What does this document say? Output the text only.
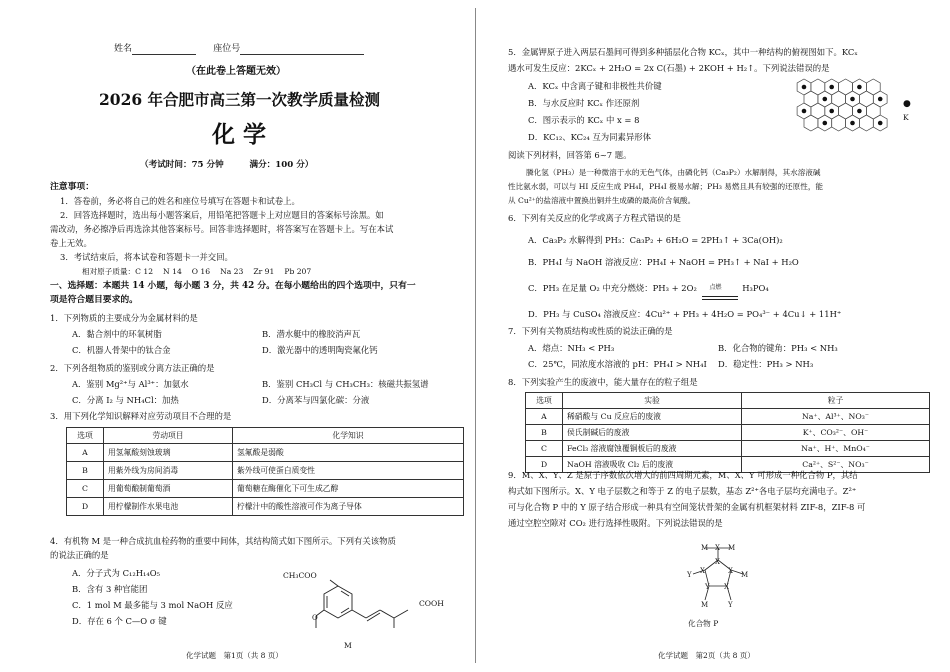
姓名	座位号
（在此卷上答题无效）
2026 年合肥市高三第一次教学质量检测
化 学
（考试时间：75 分钟　　　满分：100 分）
注意事项：
1．答卷前，务必将自己的姓名和座位号填写在答题卡和试卷上。
2．回答选择题时，选出每小题答案后，用铅笔把答题卡上对应题目的答案标号涂黑。如
需改动，务必擦净后再选涂其他答案标号。回答非选择题时，将答案写在答题卡上。写在本试
卷上无效。
3．考试结束后，将本试卷和答题卡一并交回。
相对原子质量：C 12　 N 14　 O 16　 Na 23　 Zr 91　 Pb 207
一、选择题：本题共 14 小题，每小题 3 分，共 42 分。在每小题给出的四个选项中，只有一
项是符合题目要求的。
1．下列物质的主要成分为金属材料的是
A．黏合剂中的环氧树脂	B．潜水艇中的橡胶消声瓦
C．机器人骨架中的钛合金	D．激光器中的透明陶瓷氟化钙
2．下列各组物质的鉴别或分离方法正确的是
A．鉴别 Mg²⁺与 Al³⁺：加氨水	B．鉴别 CH₃Cl 与 CH₃CH₃：核磁共振氢谱
C．分离 I₂ 与 NH₄Cl：加热	D．分离苯与四氯化碳：分液
3．用下列化学知识解释对应劳动项目不合理的是
选项	劳动项目	化学知识
A	用氢氟酸刻蚀玻璃	氢氟酸是弱酸
B	用紫外线为房间消毒	紫外线可使蛋白质变性
C	用葡萄酿制葡萄酒	葡萄糖在酶催化下可生成乙醇
D	用柠檬制作水果电池	柠檬汁中的酸性溶液可作为离子导体
4．有机物 M 是一种合成抗血栓药物的重要中间体，其结构简式如下图所示。下列有关该物质
的说法正确的是
A．分子式为 C₁₂H₁₄O₅
B．含有 3 种官能团
C．1 mol M 最多能与 3 mol NaOH 反应
D．存在 6 个 C—O σ 键
CH₃COO
COOH
M
O
化学试题　第1页（共 8 页）
5．金属钾原子进入两层石墨间可得到多种插层化合物 KCₓ，其中一种结构的俯视图如下。KCₓ
遇水可发生反应：2KCₓ + 2H₂O = 2x C(石墨) + 2KOH + H₂↑。下列说法错误的是
A．KCₓ 中含离子键和非极性共价键
B．与水反应时 KCₓ 作还原剂
C．图示表示的 KCₓ 中 x = 8
D．KC₁₂、KC₂₄ 互为同素异形体
●
K
阅读下列材料，回答第 6~7 题。
膦化氢（PH₃）是一种微溶于水的无色气体，由磷化钙（Ca₃P₂）水解制得，其水溶液碱
性比氨水弱，可以与 HI 反应生成 PH₄I，PH₄I 极易水解；PH₃ 易燃且具有较强的还原性，能
从 Cu²⁺的盐溶液中置换出铜并生成磷的最高价含氧酸。
6．下列有关反应的化学或离子方程式错误的是
A．Ca₃P₂ 水解得到 PH₃：Ca₃P₂ + 6H₂O = 2PH₃↑ + 3Ca(OH)₂
B．PH₄I 与 NaOH 溶液反应：PH₄I + NaOH = PH₃↑ + NaI + H₂O
C．PH₃ 在足量 O₂ 中充分燃烧：PH₃ + 2O₂ 点燃 H₃PO₄
D．PH₃ 与 CuSO₄ 溶液反应：4Cu²⁺ + PH₃ + 4H₂O = PO₄³⁻ + 4Cu↓ + 11H⁺
7．下列有关物质结构或性质的说法正确的是
A．熔点：NH₃ < PH₃	B．化合物的键角：PH₃ < NH₃
C．25℃，同浓度水溶液的 pH：PH₄I > NH₄I D．稳定性：PH₃ > NH₃
8．下列实验产生的废液中，能大量存在的粒子组是
选项	实验	粒子
A	稀硝酸与 Cu 反应后的废液	Na⁺、Al³⁺、NO₃⁻
B	侯氏制碱后的废液	K⁺、CO₃²⁻、OH⁻
C	FeCl₃ 溶液腐蚀覆铜板后的废液	Na⁺、H⁺、MnO₄⁻
D	NaOH 溶液吸收 Cl₂ 后的废液	Ca²⁺、S²⁻、NO₃⁻
9．M、X、Y、Z 是原子序数依次增大的前四周期元素，M、X、Y 可形成一种化合物 P，其结
构式如下图所示。X、Y 电子层数之和等于 Z 的电子层数，基态 Z²⁺各电子层均充满电子。Z²⁺
可与化合物 P 中的 Y 原子结合形成一种具有空间笼状骨架的金属有机框架材料 ZIF-8，ZIF-8 可
通过空腔空隙对 CO₂ 进行选择性吸附。下列说法错误的是
M X M
X
Y X	X M
Y X
M	Y
化合物 P
化学试题　第2页（共 8 页）
